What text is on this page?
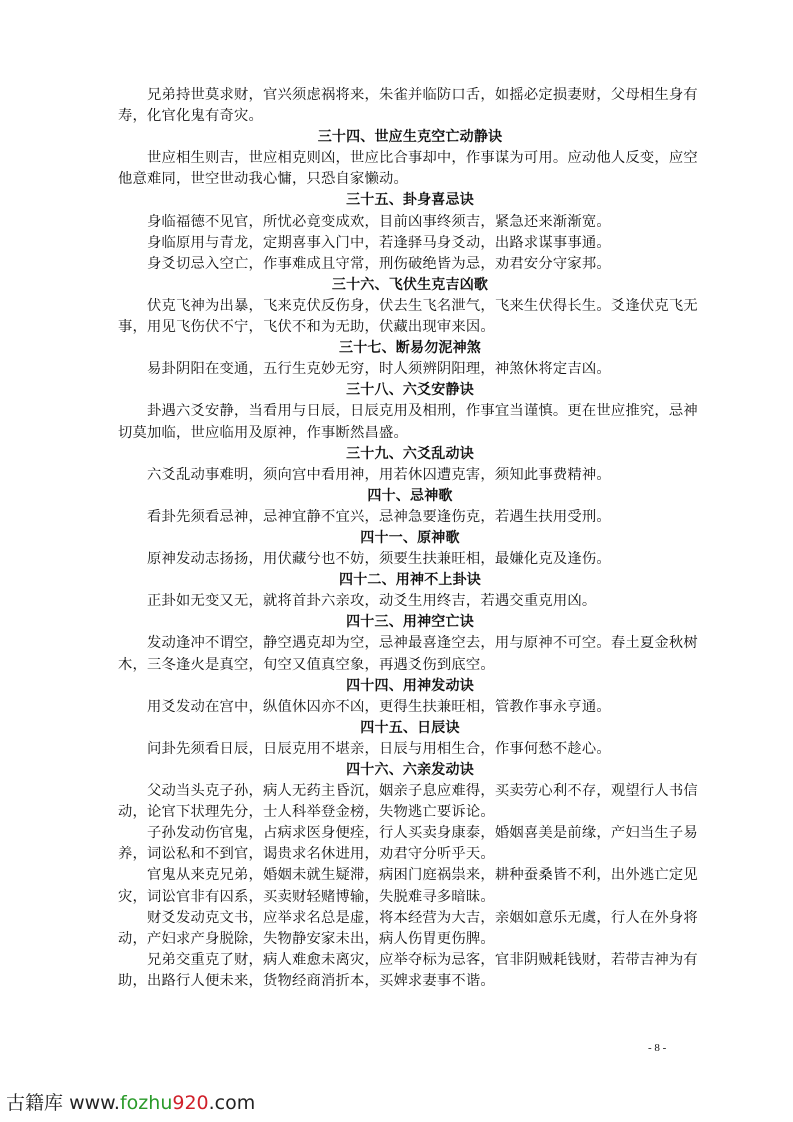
兄弟持世莫求财，官兴须虑祸将来，朱雀并临防口舌，如摇必定损妻财，父母相生身有
寿，化官化鬼有奇灾。
三十四、世应生克空亡动静诀
世应相生则吉，世应相克则凶，世应比合事却中，作事谋为可用。应动他人反变，应空
他意难同，世空世动我心慵，只恐自家懒动。
三十五、卦身喜忌诀
身临福德不见官，所忧必竟变成欢，目前凶事终须吉，紧急还来渐渐宽。
身临原用与青龙，定期喜事入门中，若逢驿马身爻动，出路求谋事事通。
身爻切忌入空亡，作事难成且守常，刑伤破绝皆为忌，劝君安分守家邦。
三十六、飞伏生克吉凶歌
伏克飞神为出暴，飞来克伏反伤身，伏去生飞名泄气，飞来生伏得长生。爻逢伏克飞无
事，用见飞伤伏不宁，飞伏不和为无助，伏藏出现审来因。
三十七、断易勿泥神煞
易卦阴阳在变通，五行生克妙无穷，时人须辨阴阳理，神煞休将定吉凶。
三十八、六爻安静诀
卦遇六爻安静，当看用与日辰，日辰克用及相刑，作事宜当谨慎。更在世应推究，忌神
切莫加临，世应临用及原神，作事断然昌盛。
三十九、六爻乱动诀
六爻乱动事难明，须向宫中看用神，用若休囚遭克害，须知此事费精神。
四十、忌神歌
看卦先须看忌神，忌神宜静不宜兴，忌神急要逢伤克，若遇生扶用受刑。
四十一、原神歌
原神发动志扬扬，用伏藏兮也不妨，须要生扶兼旺相，最嫌化克及逢伤。
四十二、用神不上卦诀
正卦如无变又无，就将首卦六亲攻，动爻生用终吉，若遇交重克用凶。
四十三、用神空亡诀
发动逢冲不谓空，静空遇克却为空，忌神最喜逢空去，用与原神不可空。春土夏金秋树
木，三冬逢火是真空，旬空又值真空象，再遇爻伤到底空。
四十四、用神发动诀
用爻发动在宫中，纵值休囚亦不凶，更得生扶兼旺相，管教作事永亨通。
四十五、日辰诀
问卦先须看日辰，日辰克用不堪亲，日辰与用相生合，作事何愁不趁心。
四十六、六亲发动诀
父动当头克子孙，病人无药主昏沉，姻亲子息应难得，买卖劳心利不存，观望行人书信
动，论官下状理先分，士人科举登金榜，失物逃亡要诉论。
子孙发动伤官鬼，占病求医身便痊，行人买卖身康泰，婚姻喜美是前缘，产妇当生子易
养，词讼私和不到官，谒贵求名休进用，劝君守分听乎天。
官鬼从来克兄弟，婚姻未就生疑滞，病困门庭祸祟来，耕种蚕桑皆不利，出外逃亡定见
灾，词讼官非有囚系，买卖财轻赌博输，失脱难寻多暗昧。
财爻发动克文书，应举求名总是虚，将本经营为大吉，亲姻如意乐无虞，行人在外身将
动，产妇求产身脱除，失物静安家未出，病人伤胃更伤脾。
兄弟交重克了财，病人难愈未离灾，应举夺标为忌客，官非阴贼耗钱财，若带吉神为有
助，出路行人便未来，货物经商消折本，买婢求妻事不谐。
- 8 -
古籍库 www.fozhu920.com
